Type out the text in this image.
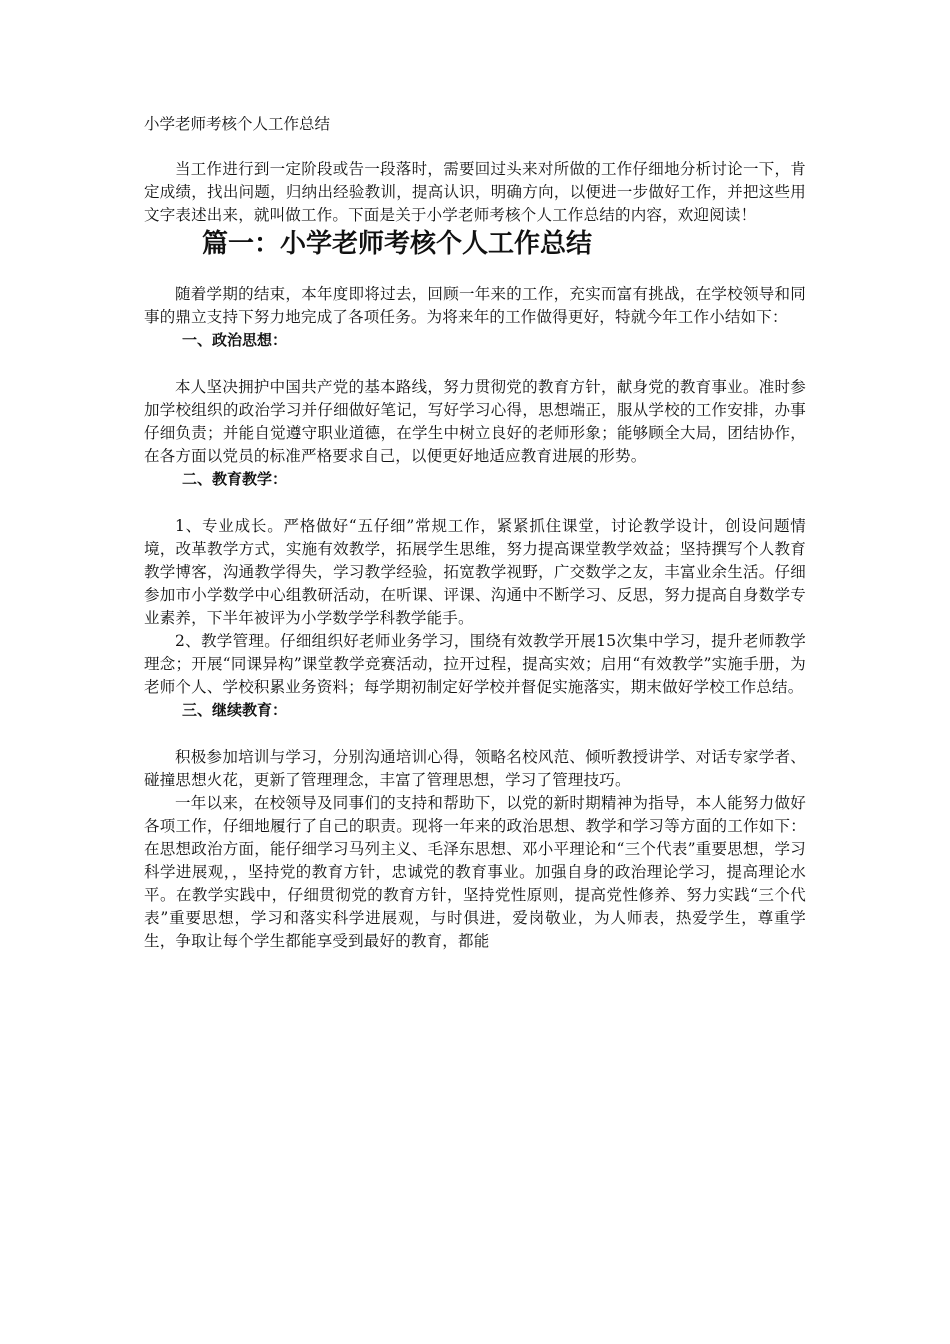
小学老师考核个人工作总结

当工作进行到一定阶段或告一段落时，需要回过头来对所做的工作仔细地分析讨论一下，肯定成绩，找出问题，归纳出经验教训，提高认识，明确方向，以便进一步做好工作，并把这些用文字表述出来，就叫做工作。下面是关于小学老师考核个人工作总结的内容，欢迎阅读！

篇一：小学老师考核个人工作总结

随着学期的结束，本年度即将过去，回顾一年来的工作，充实而富有挑战，在学校领导和同事的鼎立支持下努力地完成了各项任务。为将来年的工作做得更好，特就今年工作小结如下：

一、政治思想：

本人坚决拥护中国共产党的基本路线，努力贯彻党的教育方针，献身党的教育事业。准时参加学校组织的政治学习并仔细做好笔记，写好学习心得，思想端正，服从学校的工作安排，办事仔细负责；并能自觉遵守职业道德，在学生中树立良好的老师形象；能够顾全大局，团结协作，在各方面以党员的标准严格要求自己，以便更好地适应教育进展的形势。

二、教育教学：

1、专业成长。严格做好“五仔细”常规工作，紧紧抓住课堂，讨论教学设计，创设问题情境，改革教学方式，实施有效教学，拓展学生思维，努力提高课堂教学效益；坚持撰写个人教育教学博客，沟通教学得失，学习教学经验，拓宽教学视野，广交数学之友，丰富业余生活。仔细参加市小学数学中心组教研活动，在听课、评课、沟通中不断学习、反思，努力提高自身数学专业素养，下半年被评为小学数学学科教学能手。

2、教学管理。仔细组织好老师业务学习，围绕有效教学开展15次集中学习，提升老师教学理念；开展“同课异构”课堂教学竞赛活动，拉开过程，提高实效；启用“有效教学”实施手册，为老师个人、学校积累业务资料；每学期初制定好学校并督促实施落实，期末做好学校工作总结。

三、继续教育：

积极参加培训与学习，分别沟通培训心得，领略名校风范、倾听教授讲学、对话专家学者、碰撞思想火花，更新了管理理念，丰富了管理思想，学习了管理技巧。

一年以来，在校领导及同事们的支持和帮助下，以党的新时期精神为指导，本人能努力做好各项工作，仔细地履行了自己的职责。现将一年来的政治思想、教学和学习等方面的工作如下：在思想政治方面，能仔细学习马列主义、毛泽东思想、邓小平理论和“三个代表”重要思想，学习科学进展观，，坚持党的教育方针，忠诚党的教育事业。加强自身的政治理论学习，提高理论水平。在教学实践中，仔细贯彻党的教育方针，坚持党性原则，提高党性修养、努力实践“三个代表”重要思想，学习和落实科学进展观，与时俱进，爱岗敬业，为人师表，热爱学生，尊重学生，争取让每个学生都能享受到最好的教育，都能
